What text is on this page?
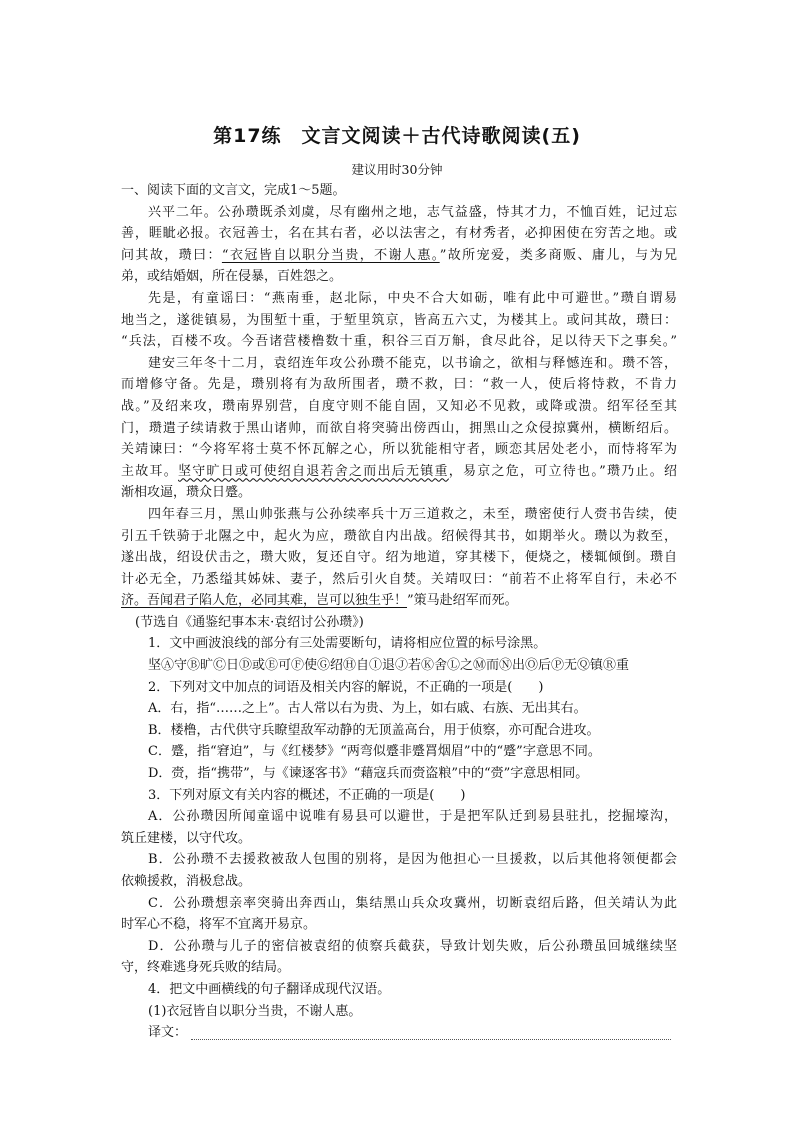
第17练　文言文阅读＋古代诗歌阅读(五)
建议用时30分钟
一、阅读下面的文言文，完成1～5题。
兴平二年。公孙瓒既杀刘虞，尽有幽州之地，志气益盛，恃其才力，不恤百姓，记过忘
善，睚眦必报。衣冠善士，名在其右者，必以法害之，有材秀者，必抑困使在穷苦之地。或
问其故，瓒曰：“衣冠皆自以职分当贵，不谢人惠。”故所宠爱，类多商贩、庸儿，与为兄
弟，或结婚姻，所在侵暴，百姓怨之。
先是，有童谣曰：“燕南垂，赵北际，中央不合大如砺，唯有此中可避世。”瓒自谓易
地当之，遂徙镇易，为围堑十重，于堑里筑京，皆高五六丈，为楼其上。或问其故，瓒曰：
“兵法，百楼不攻。今吾诸营楼橹数十重，积谷三百万斛，食尽此谷，足以待天下之事矣。”
建安三年冬十二月，袁绍连年攻公孙瓒不能克，以书谕之，欲相与释憾连和。瓒不答，
而增修守备。先是，瓒别将有为敌所围者，瓒不救，曰：“救一人，使后将恃救，不肯力
战。”及绍来攻，瓒南界别营，自度守则不能自固，又知必不见救，或降或溃。绍军径至其
门，瓒遣子续请救于黑山诸帅，而欲自将突骑出傍西山，拥黑山之众侵掠冀州，横断绍后。
关靖谏曰：“今将军将士莫不怀瓦解之心，所以犹能相守者，顾恋其居处老小，而恃将军为
主故耳。坚守旷日或可使绍自退若舍之而出后无镇重，易京之危，可立待也。”瓒乃止。绍
渐相攻逼，瓒众日蹙。
四年春三月，黑山帅张燕与公孙续率兵十万三道救之，未至，瓒密使行人赍书告续，使
引五千铁骑于北隰之中，起火为应，瓒欲自内出战。绍候得其书，如期举火。瓒以为救至，
遂出战，绍设伏击之，瓒大败，复还自守。绍为地道，穿其楼下，便烧之，楼辄倾倒。瓒自
计必无全，乃悉缢其姊妹、妻子，然后引火自焚。关靖叹曰：“前若不止将军自行，未必不
济。吾闻君子陷人危，必同其难，岂可以独生乎！”策马赴绍军而死。
(节选自《通鉴纪事本末·袁绍讨公孙瓒》)
1．文中画波浪线的部分有三处需要断句，请将相应位置的标号涂黑。
坚Ⓐ守Ⓑ旷Ⓒ日Ⓓ或Ⓔ可Ⓕ使Ⓖ绍Ⓗ自Ⓘ退Ⓙ若Ⓚ舍Ⓛ之Ⓜ而Ⓝ出Ⓞ后Ⓟ无Ⓠ镇Ⓡ重
2．下列对文中加点的词语及相关内容的解说，不正确的一项是(　　)
A．右，指“……之上”。古人常以右为贵、为上，如右戚、右族、无出其右。
B．楼橹，古代供守兵瞭望敌军动静的无顶盖高台，用于侦察，亦可配合进攻。
C．蹙，指“窘迫”，与《红楼梦》“两弯似蹙非蹙罥烟眉”中的“蹙”字意思不同。
D．赍，指“携带”，与《谏逐客书》“藉寇兵而赍盗粮”中的“赍”字意思相同。
3．下列对原文有关内容的概述，不正确的一项是(　　)
A．公孙瓒因所闻童谣中说唯有易县可以避世，于是把军队迁到易县驻扎，挖掘壕沟，
筑丘建楼，以守代攻。
B．公孙瓒不去援救被敌人包围的别将，是因为他担心一旦援救，以后其他将领便都会
依赖援救，消极怠战。
C．公孙瓒想亲率突骑出奔西山，集结黑山兵众攻冀州，切断袁绍后路，但关靖认为此
时军心不稳，将军不宜离开易京。
D．公孙瓒与儿子的密信被袁绍的侦察兵截获，导致计划失败，后公孙瓒虽回城继续坚
守，终难逃身死兵败的结局。
4．把文中画横线的句子翻译成现代汉语。
(1)衣冠皆自以职分当贵，不谢人惠。
译文：
